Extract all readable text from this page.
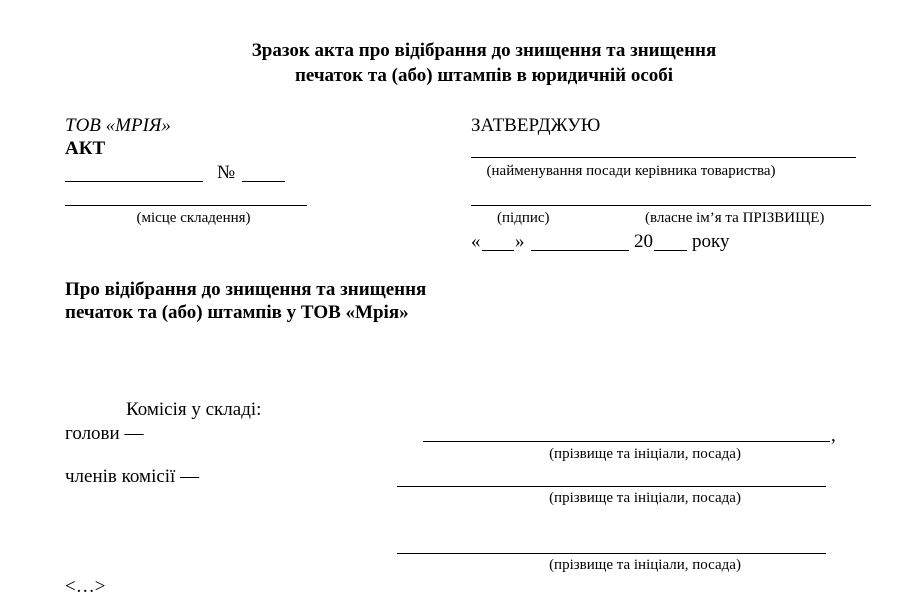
Зразок акта про відібрання до знищення та знищення
печаток та (або) штампів в юридичній особі
ТОВ «МРІЯ»
АКТ
№
(місце складення)
ЗАТВЕРДЖУЮ
(найменування посади керівника товариства)
(підпис)	(власне ім’я та ПРІЗВИЩЕ)
« »	20 року
Про відібрання до знищення та знищення
печаток та (або) штампів у ТОВ «Мрія»
Комісія у складі:
голови —	,
(прізвище та ініціали, посада)
членів комісії —
(прізвище та ініціали, посада)
(прізвище та ініціали, посада)
<…>
